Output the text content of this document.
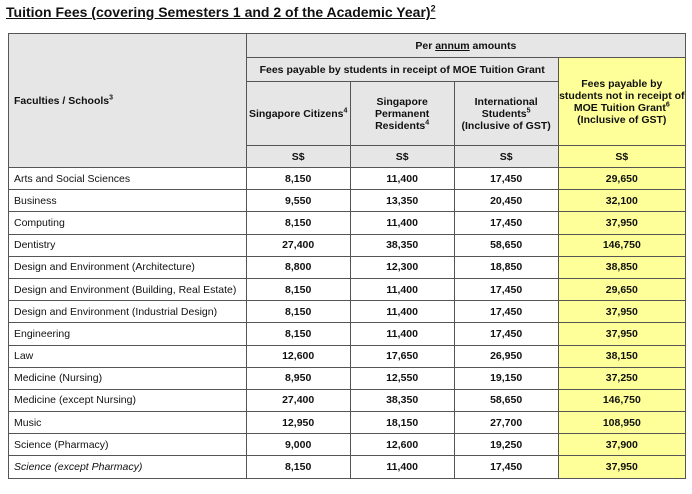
Tuition Fees (covering Semesters 1 and 2 of the Academic Year)$^2$
Faculties / Schools$^3$	Per annum amounts			
	Fees payable by students in receipt of MOE Tuition Grant			Fees payable by students not in receipt of MOE Tuition Grant$^6$
(Inclusive of GST)
	Singapore Citizens$^4$	Singapore Permanent Residents$^4$	International Students$^5$
(Inclusive of GST)	
	S$	S$	S$	S$
Arts and Social Sciences	8,150	11,400	17,450	29,650
Business	9,550	13,350	20,450	32,100
Computing	8,150	11,400	17,450	37,950
Dentistry	27,400	38,350	58,650	146,750
Design and Environment (Architecture)	8,800	12,300	18,850	38,850
Design and Environment (Building, Real Estate)	8,150	11,400	17,450	29,650
Design and Environment (Industrial Design)	8,150	11,400	17,450	37,950
Engineering	8,150	11,400	17,450	37,950
Law	12,600	17,650	26,950	38,150
Medicine (Nursing)	8,950	12,550	19,150	37,250
Medicine (except Nursing)	27,400	38,350	58,650	146,750
Music	12,950	18,150	27,700	108,950
Science (Pharmacy)	9,000	12,600	19,250	37,900
Science (except Pharmacy)	8,150	11,400	17,450	37,950
